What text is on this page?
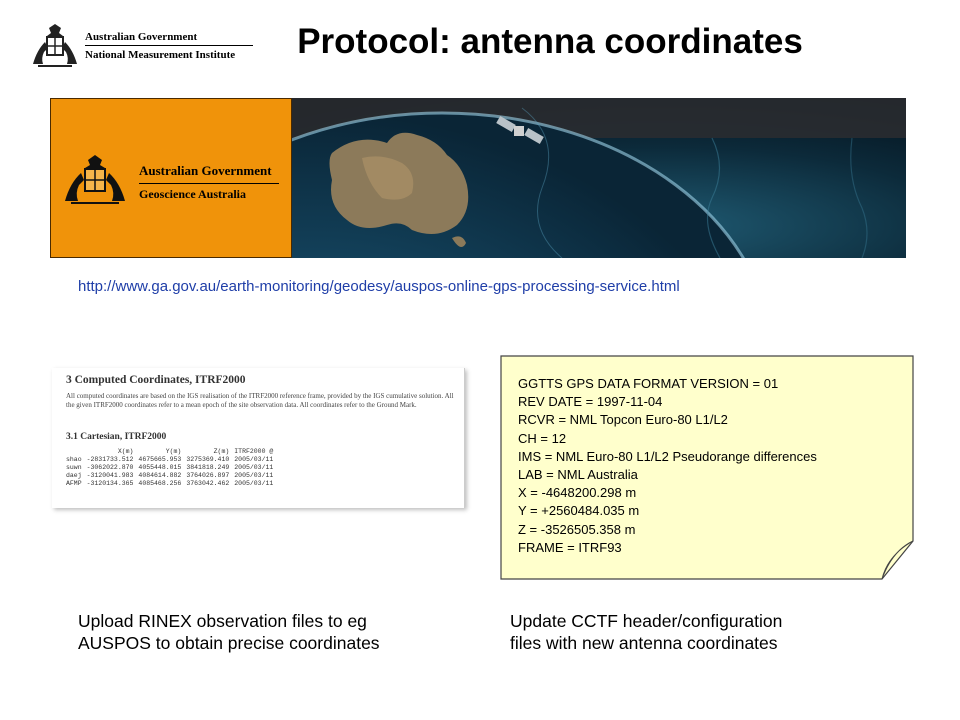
Australian Government
National Measurement Institute	Protocol: antenna coordinates
Australian Government
Geoscience Australia
http://www.ga.gov.au/earth-monitoring/geodesy/auspos-online-gps-processing-service.html
3 Computed Coordinates, ITRF2000
All computed coordinates are based on the IGS realisation of the ITRF2000 reference frame, provided by the IGS cumulative solution. All the given ITRF2000 coordinates refer to a mean epoch of the site observation data. All coordinates refer to the Ground Mark.
3.1 Cartesian, ITRF2000
	X(m)	Y(m)	Z(m)	ITRF2000 @
shao	-2831733.512	4675665.953	3275369.410	2005/03/11
suwn	-3062022.870	4055448.015	3841818.249	2005/03/11
daej	-3120041.983	4084614.882	3764026.897	2005/03/11
AFMP	-3120134.365	4085468.256	3763042.462	2005/03/11
GGTTS GPS DATA FORMAT VERSION = 01
REV DATE = 1997-11-04
RCVR = NML Topcon Euro-80 L1/L2
CH = 12
IMS = NML Euro-80 L1/L2 Pseudorange differences
LAB = NML Australia
X = -4648200.298 m
Y = +2560484.035 m
Z = -3526505.358 m
FRAME = ITRF93
Upload RINEX observation files to eg
AUSPOS to obtain precise coordinates
Update CCTF header/configuration
files with new antenna coordinates
